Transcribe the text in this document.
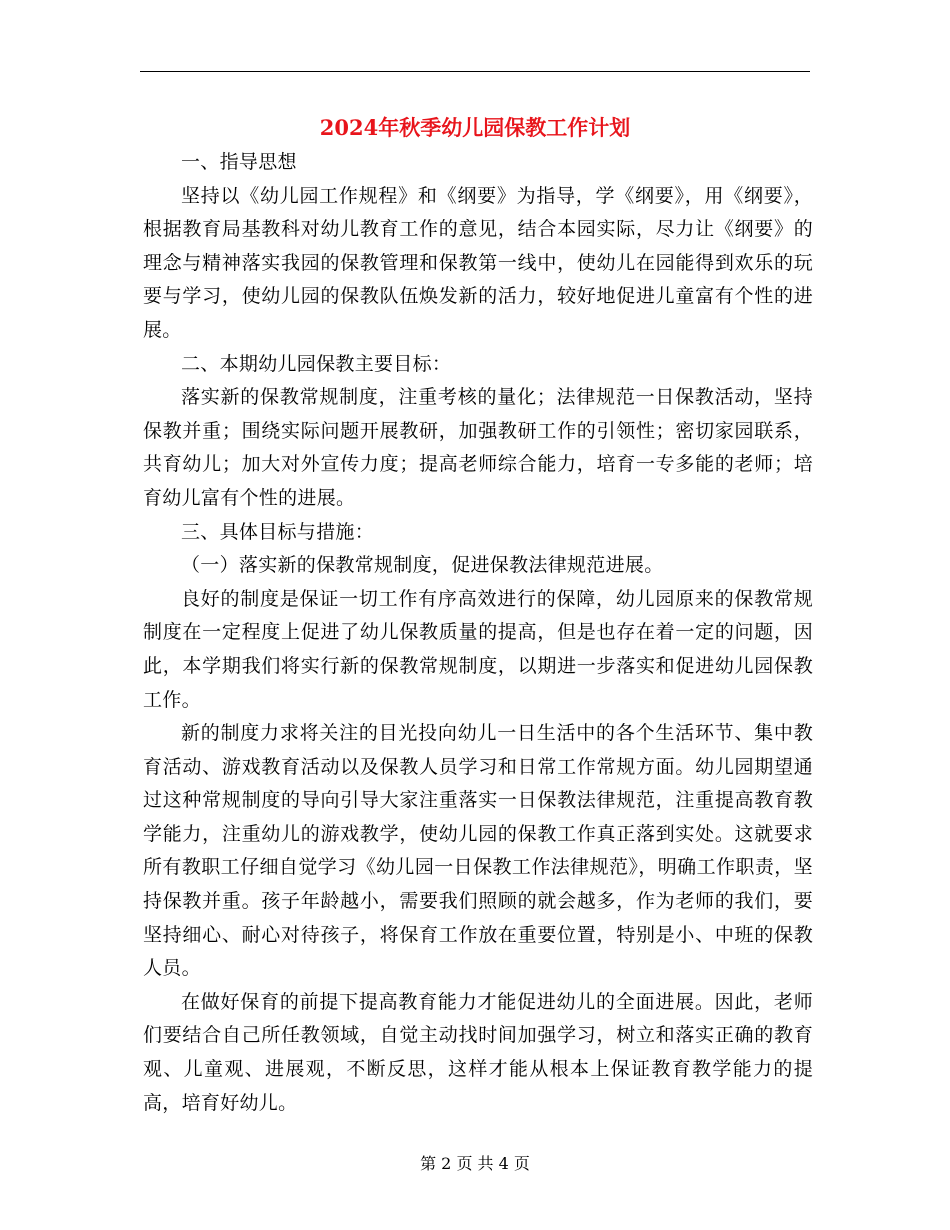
2024年秋季幼儿园保教工作计划

一、指导思想

坚持以《幼儿园工作规程》和《纲要》为指导，学《纲要》，用《纲要》，根据教育局基教科对幼儿教育工作的意见，结合本园实际，尽力让《纲要》的理念与精神落实我园的保教管理和保教第一线中，使幼儿在园能得到欢乐的玩要与学习，使幼儿园的保教队伍焕发新的活力，较好地促进儿童富有个性的进展。

二、本期幼儿园保教主要目标：

落实新的保教常规制度，注重考核的量化；法律规范一日保教活动，坚持保教并重；围绕实际问题开展教研，加强教研工作的引领性；密切家园联系，共育幼儿；加大对外宣传力度；提高老师综合能力，培育一专多能的老师；培育幼儿富有个性的进展。

三、具体目标与措施：

（一）落实新的保教常规制度，促进保教法律规范进展。

良好的制度是保证一切工作有序高效进行的保障，幼儿园原来的保教常规制度在一定程度上促进了幼儿保教质量的提高，但是也存在着一定的问题，因此，本学期我们将实行新的保教常规制度，以期进一步落实和促进幼儿园保教工作。

新的制度力求将关注的目光投向幼儿一日生活中的各个生活环节、集中教育活动、游戏教育活动以及保教人员学习和日常工作常规方面。幼儿园期望通过这种常规制度的导向引导大家注重落实一日保教法律规范，注重提高教育教学能力，注重幼儿的游戏教学，使幼儿园的保教工作真正落到实处。这就要求所有教职工仔细自觉学习《幼儿园一日保教工作法律规范》，明确工作职责，坚持保教并重。孩子年龄越小，需要我们照顾的就会越多，作为老师的我们，要坚持细心、耐心对待孩子，将保育工作放在重要位置，特别是小、中班的保教人员。

在做好保育的前提下提高教育能力才能促进幼儿的全面进展。因此，老师们要结合自己所任教领域，自觉主动找时间加强学习，树立和落实正确的教育观、儿童观、进展观，不断反思，这样才能从根本上保证教育教学能力的提高，培育好幼儿。

第 2 页 共 4 页
